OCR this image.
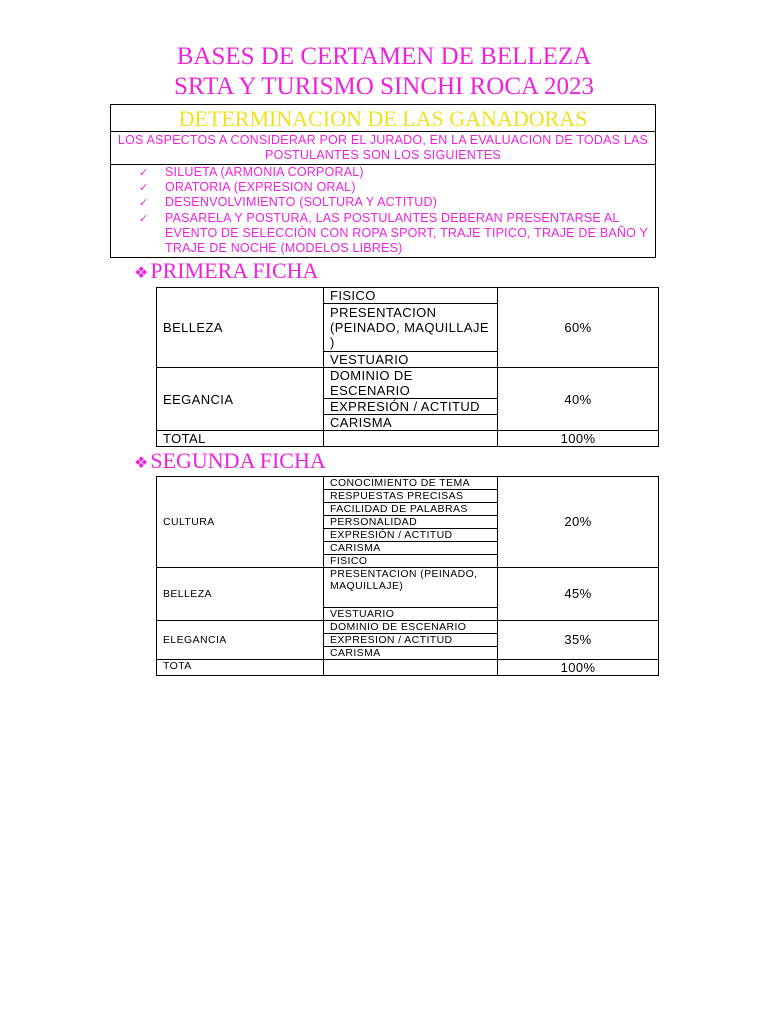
BASES DE CERTAMEN DE BELLEZA
SRTA Y TURISMO SINCHI ROCA 2023
DETERMINACION DE LAS GANADORAS
LOS ASPECTOS A CONSIDERAR POR EL JURADO, EN LA EVALUACION DE TODAS LAS POSTULANTES SON LOS SIGUIENTES
✓ SILUETA (ARMONIA CORPORAL)
✓ ORATORIA (EXPRESION ORAL)
✓ DESENVOLVIMIENTO (SOLTURA Y ACTITUD)
✓ PASARELA Y POSTURA, LAS POSTULANTES DEBERAN PRESENTARSE AL EVENTO DE SELECCIÒN CON ROPA SPORT, TRAJE TIPICO, TRAJE DE BAÑO Y TRAJE DE NOCHE (MODELOS LIBRES)
❖PRIMERA FICHA
BELLEZA	FISICO	60%
	PRESENTACION (PEINADO, MAQUILLAJE )	
	VESTUARIO	
EEGANCIA	DOMINIO DE ESCENARIO	40%
	EXPRESIÓN / ACTITUD	
	CARISMA	
TOTAL		100%
❖SEGUNDA FICHA
CULTURA	CONOCIMIENTO DE TEMA	20%
	RESPUESTAS PRECISAS	
	FACILIDAD DE PALABRAS	
	PERSONALIDAD	
	EXPRESIÓN / ACTITUD	
	CARISMA	
	FISICO	
BELLEZA	PRESENTACION (PEINADO, MAQUILLAJE)	45%
	VESTUARIO	
ELEGANCIA	DOMINIO DE ESCENARIO	35%
	EXPRESION / ACTITUD	
	CARISMA	
TOTA		100%
